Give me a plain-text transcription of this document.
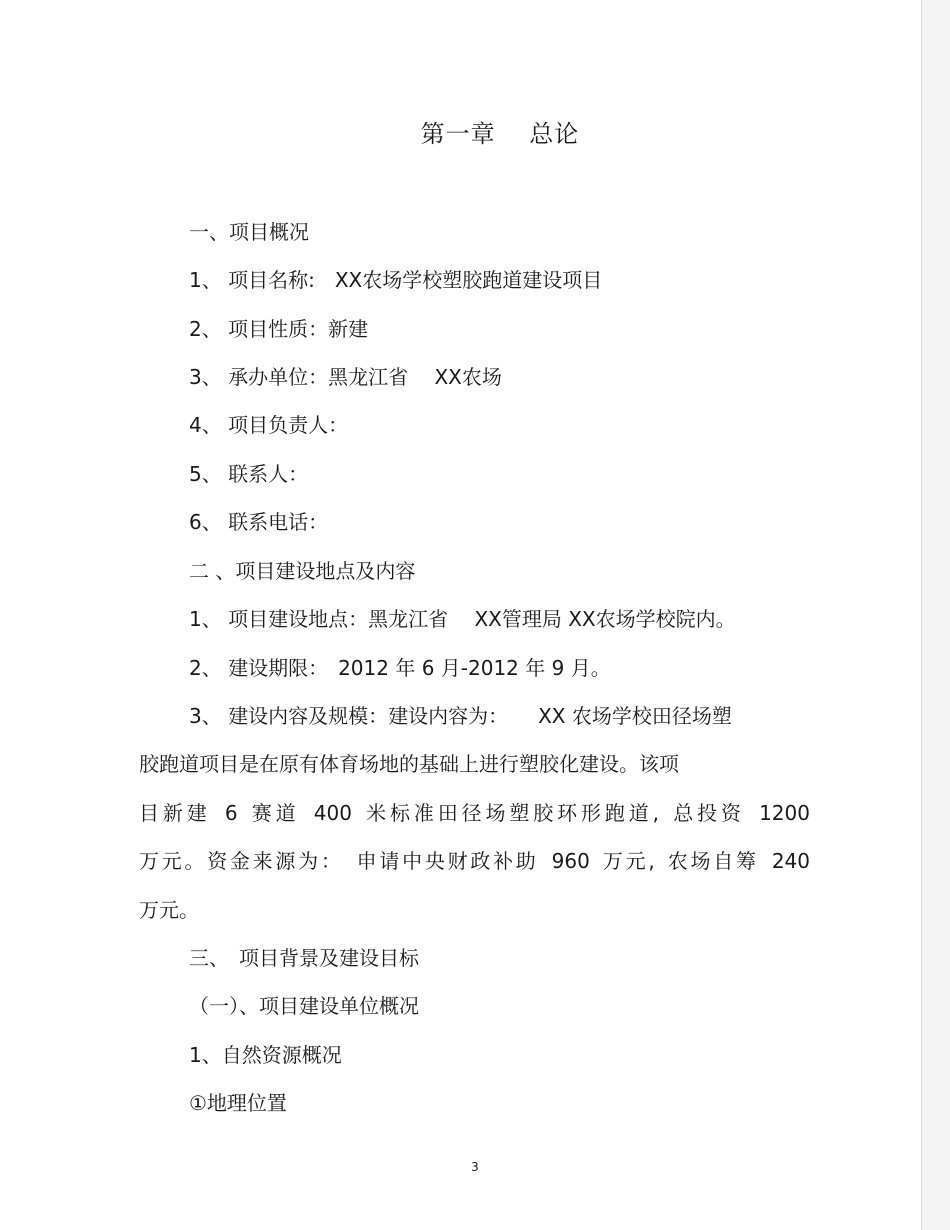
第一章　 总论
一、项目概况
1、 项目名称:　XX农场学校塑胶跑道建设项目
2、 项目性质：新建
3、 承办单位：黑龙江省　 XX农场
4、 项目负责人：
5、 联系人：
6、 联系电话：
二 、项目建设地点及内容
1、 项目建设地点：黑龙江省　 XX管理局 XX农场学校院内。
2、 建设期限：　2012 年 6 月-2012 年 9 月。
3、 建设内容及规模：建设内容为：　　XX 农场学校田径场塑
胶跑道项目是在原有体育场地的基础上进行塑胶化建设。该项
目新建 6 赛道 400 米标准田径场塑胶环形跑道, 总投资 1200
万元。资金来源为： 申请中央财政补助 960 万元, 农场自筹 240
万元。
三、　项目背景及建设目标
（一）、项目建设单位概况
1、自然资源概况
①地理位置
3
